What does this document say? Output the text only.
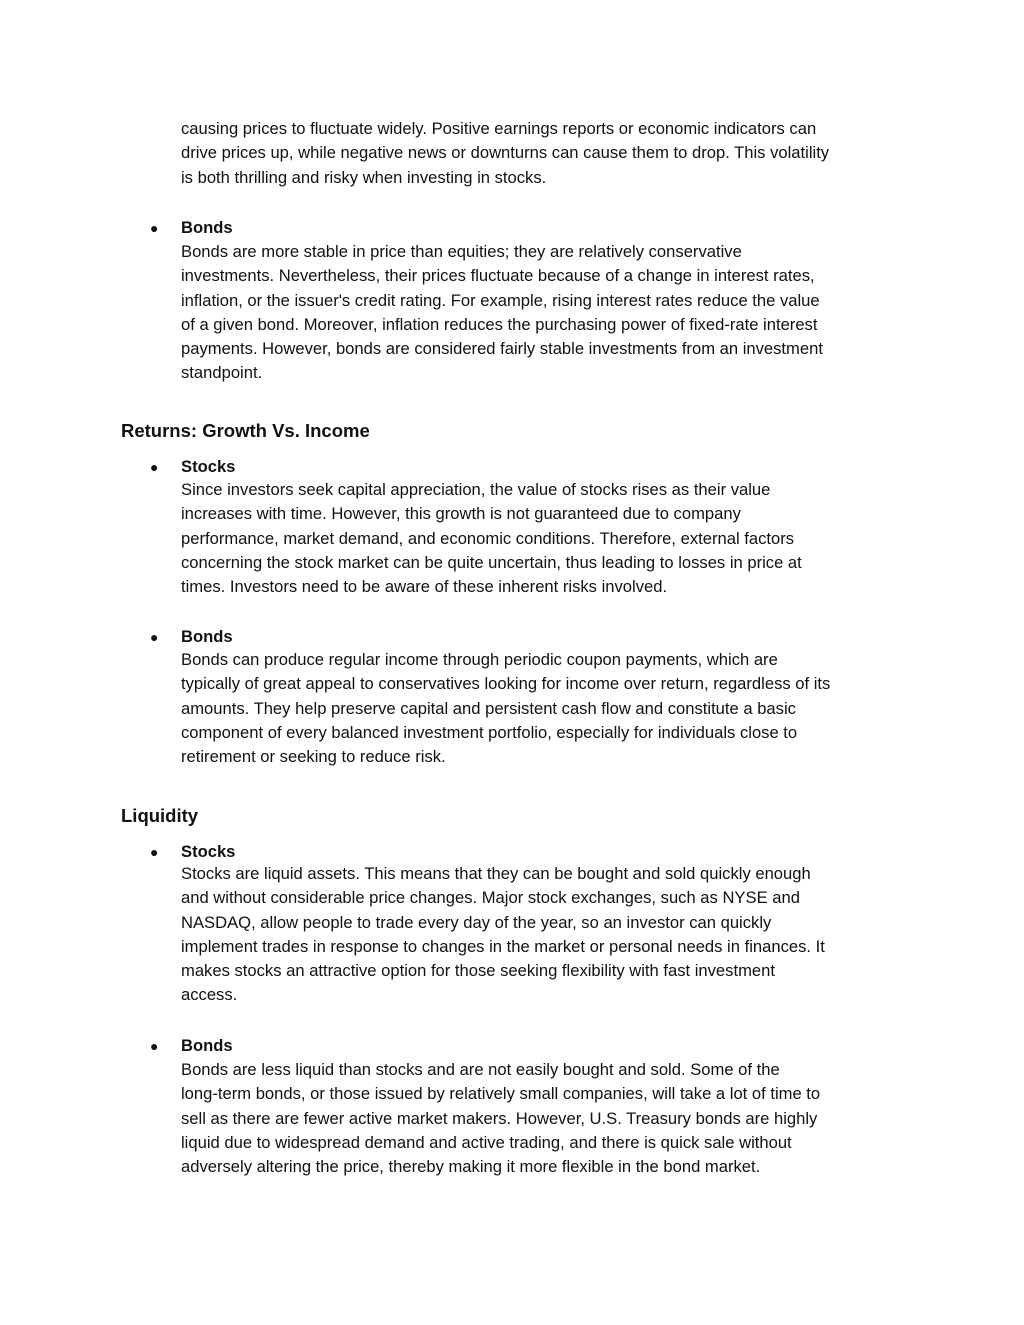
causing prices to fluctuate widely. Positive earnings reports or economic indicators can
drive prices up, while negative news or downturns can cause them to drop. This volatility
is both thrilling and risky when investing in stocks.
● Bonds
Bonds are more stable in price than equities; they are relatively conservative
investments. Nevertheless, their prices fluctuate because of a change in interest rates,
inflation, or the issuer's credit rating. For example, rising interest rates reduce the value
of a given bond. Moreover, inflation reduces the purchasing power of fixed-rate interest
payments. However, bonds are considered fairly stable investments from an investment
standpoint.
Returns: Growth Vs. Income
● Stocks
Since investors seek capital appreciation, the value of stocks rises as their value
increases with time. However, this growth is not guaranteed due to company
performance, market demand, and economic conditions. Therefore, external factors
concerning the stock market can be quite uncertain, thus leading to losses in price at
times. Investors need to be aware of these inherent risks involved.
● Bonds
Bonds can produce regular income through periodic coupon payments, which are
typically of great appeal to conservatives looking for income over return, regardless of its
amounts. They help preserve capital and persistent cash flow and constitute a basic
component of every balanced investment portfolio, especially for individuals close to
retirement or seeking to reduce risk.
Liquidity
● Stocks
Stocks are liquid assets. This means that they can be bought and sold quickly enough
and without considerable price changes. Major stock exchanges, such as NYSE and
NASDAQ, allow people to trade every day of the year, so an investor can quickly
implement trades in response to changes in the market or personal needs in finances. It
makes stocks an attractive option for those seeking flexibility with fast investment
access.
● Bonds
Bonds are less liquid than stocks and are not easily bought and sold. Some of the
long-term bonds, or those issued by relatively small companies, will take a lot of time to
sell as there are fewer active market makers. However, U.S. Treasury bonds are highly
liquid due to widespread demand and active trading, and there is quick sale without
adversely altering the price, thereby making it more flexible in the bond market.
